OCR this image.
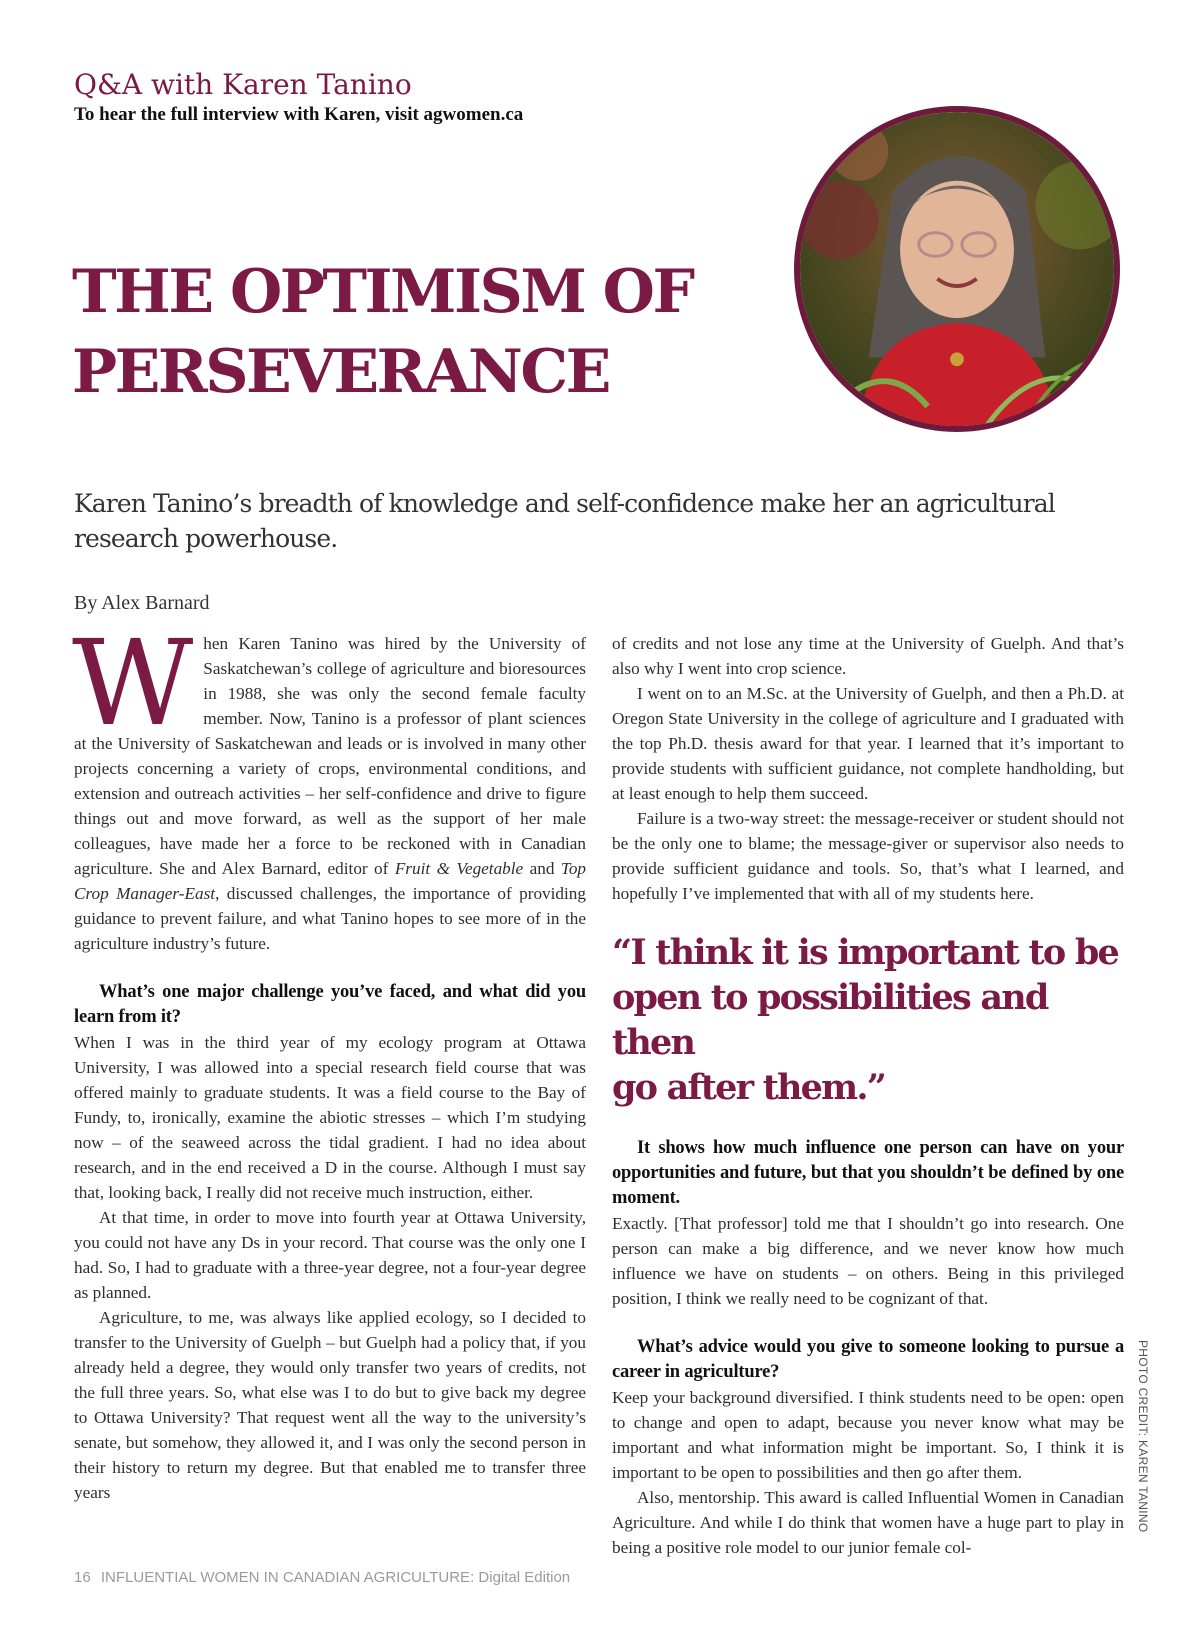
Q&A with Karen Tanino
To hear the full interview with Karen, visit agwomen.ca
THE OPTIMISM OF
PERSEVERANCE
Karen Tanino’s breadth of knowledge and self-confidence make her an agricultural
research powerhouse.
By Alex Barnard

When Karen Tanino was hired by the University of Saskatchewan’s college of agriculture and bioresources in 1988, she was only the second female faculty member. Now, Tanino is a professor of plant sciences at the University of Saskatchewan and leads or is involved in many other projects concerning a variety of crops, environmental conditions, and extension and outreach activities – her self-confidence and drive to figure things out and move forward, as well as the support of her male colleagues, have made her a force to be reckoned with in Canadian agriculture. She and Alex Barnard, editor of Fruit & Vegetable and Top Crop Manager-East, discussed challenges, the importance of providing guidance to prevent failure, and what Tanino hopes to see more of in the agriculture industry’s future.

What’s one major challenge you’ve faced, and what did you learn from it?

When I was in the third year of my ecology program at Ottawa University, I was allowed into a special research field course that was offered mainly to graduate students. It was a field course to the Bay of Fundy, to, ironically, examine the abiotic stresses – which I’m studying now – of the seaweed across the tidal gradient. I had no idea about research, and in the end received a D in the course. Although I must say that, looking back, I really did not receive much instruction, either.

At that time, in order to move into fourth year at Ottawa University, you could not have any Ds in your record. That course was the only one I had. So, I had to graduate with a three-year degree, not a four-year degree as planned.

Agriculture, to me, was always like applied ecology, so I decided to transfer to the University of Guelph – but Guelph had a policy that, if you already held a degree, they would only transfer two years of credits, not the full three years. So, what else was I to do but to give back my degree to Ottawa University? That request went all the way to the university’s senate, but somehow, they allowed it, and I was only the second person in their history to return my degree. But that enabled me to transfer three years

of credits and not lose any time at the University of Guelph. And that’s also why I went into crop science.

I went on to an M.Sc. at the University of Guelph, and then a Ph.D. at Oregon State University in the college of agriculture and I graduated with the top Ph.D. thesis award for that year. I learned that it’s important to provide students with sufficient guidance, not complete handholding, but at least enough to help them succeed.

Failure is a two-way street: the message-receiver or student should not be the only one to blame; the message-giver or supervisor also needs to provide sufficient guidance and tools. So, that’s what I learned, and hopefully I’ve implemented that with all of my students here.

“I think it is important to be
open to possibilities and then
go after them.”

It shows how much influence one person can have on your opportunities and future, but that you shouldn’t be defined by one moment.

Exactly. [That professor] told me that I shouldn’t go into research. One person can make a big difference, and we never know how much influence we have on students – on others. Being in this privileged position, I think we really need to be cognizant of that.

What’s advice would you give to someone looking to pursue a career in agriculture?

Keep your background diversified. I think students need to be open: open to change and open to adapt, because you never know what may be important and what information might be important. So, I think it is important to be open to possibilities and then go after them.

Also, mentorship. This award is called Influential Women in Canadian Agriculture. And while I do think that women have a huge part to play in being a positive role model to our junior female col-

PHOTO CREDIT: KAREN TANINO
16 INFLUENTIAL WOMEN IN CANADIAN AGRICULTURE: Digital Edition
